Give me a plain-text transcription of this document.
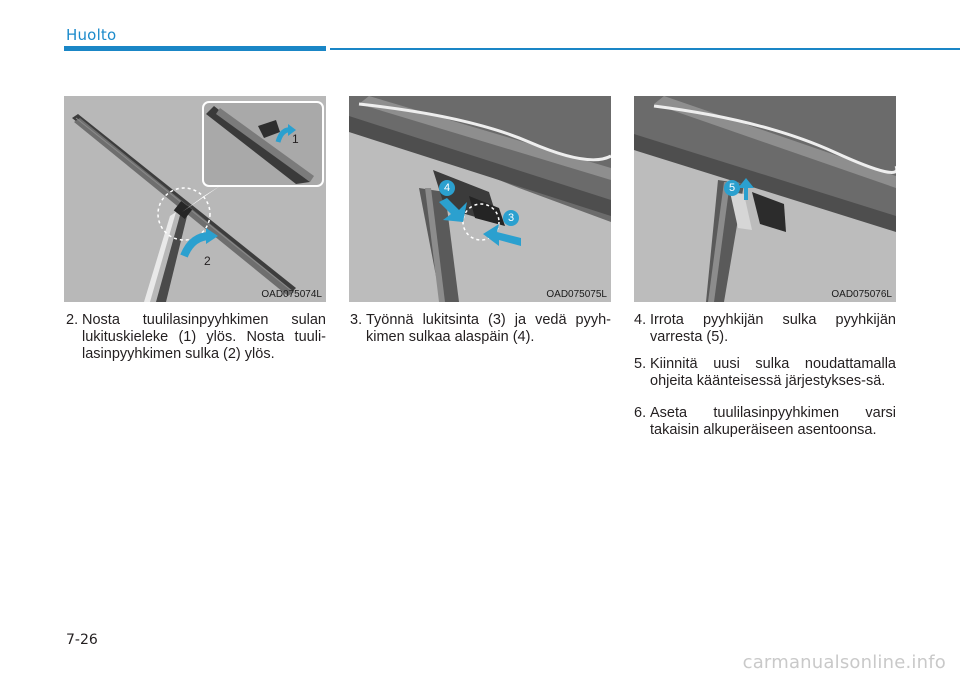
Huolto
1
2
OAD075074L
4
3
OAD075075L
5
OAD075076L
2. Nosta tuulilasinpyyhkimen sulan lukituskieleke (1) ylös. Nosta tuuli-lasinpyyhkimen sulka (2) ylös.
3. Työnnä lukitsinta (3) ja vedä pyyh-kimen sulkaa alaspäin (4).
4. Irrota pyyhkijän sulka pyyhkijän varresta (5).
5. Kiinnitä uusi sulka noudattamalla ohjeita käänteisessä järjestykses-sä.
6. Aseta tuulilasinpyyhkimen varsi takaisin alkuperäiseen asentoonsa.
7-26
carmanualsonline.info
